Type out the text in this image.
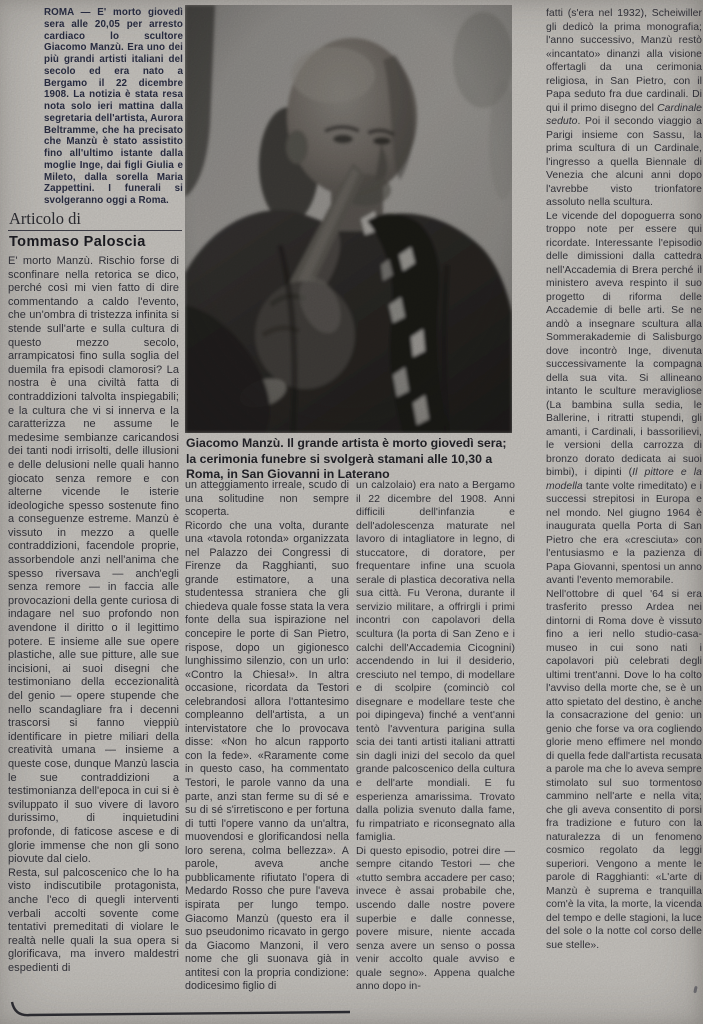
ROMA — E' morto giovedì sera alle 20,05 per arresto cardiaco lo scultore Giacomo Manzù. Era uno dei più grandi artisti italiani del secolo ed era nato a Bergamo il 22 dicembre 1908. La notizia è stata resa nota solo ieri mattina dalla segretaria dell'artista, Aurora Beltramme, che ha precisato che Manzù è stato assistito fino all'ultimo istante dalla moglie Inge, dai figli Giulia e Mileto, dalla sorella Maria Zappettini. I funerali si svolgeranno oggi a Roma.

Articolo di
Tommaso Paloscia

E' morto Manzù. Rischio forse di sconfinare nella retorica se dico, perché così mi vien fatto di dire commentando a caldo l'evento, che un'ombra di tristezza infinita si stende sull'arte e sulla cultura di questo mezzo secolo, arrampicatosi fino sulla soglia del duemila fra episodi clamorosi? La nostra è una civiltà fatta di contraddizioni talvolta inspiegabili; e la cultura che vi si innerva e la caratterizza ne assume le medesime sembianze caricandosi dei tanti nodi irrisolti, delle illusioni e delle delusioni nelle quali hanno giocato senza remore e con alterne vicende le isterie ideologiche spesso sostenute fino a conseguenze estreme. Manzù è vissuto in mezzo a quelle contraddizioni, facendole proprie, assorbendole anzi nell'anima che spesso riversava — anch'egli senza remore — in faccia alle provocazioni della gente curiosa di indagare nel suo profondo non avendone il diritto o il legittimo potere. E insieme alle sue opere plastiche, alle sue pitture, alle sue incisioni, ai suoi disegni che testimoniano della eccezionalità del genio — opere stupende che nello scandagliare fra i decenni trascorsi si fanno vieppiù identificare in pietre miliari della creatività umana — insieme a queste cose, dunque Manzù lascia le sue contraddizioni a testimonianza dell'epoca in cui si è sviluppato il suo vivere di lavoro durissimo, di inquietudini profonde, di faticose ascese e di glorie immense che non gli sono piovute dal cielo.

Resta, sul palcoscenico che lo ha visto indiscutibile protagonista, anche l'eco di quegli interventi verbali accolti sovente come tentativi premeditati di violare le realtà nelle quali la sua opera si glorificava, ma invero maldestri espedienti di

Giacomo Manzù. Il grande artista è morto giovedì sera; la cerimonia funebre si svolgerà stamani alle 10,30 a Roma, in San Giovanni in Laterano

un atteggiamento irreale, scudo di una solitudine non sempre scoperta.

Ricordo che una volta, durante una «tavola rotonda» organizzata nel Palazzo dei Congressi di Firenze da Ragghianti, suo grande estimatore, a una studentessa straniera che gli chiedeva quale fosse stata la vera fonte della sua ispirazione nel concepire le porte di San Pietro, rispose, dopo un gigionesco lunghissimo silenzio, con un urlo: «Contro la Chiesa!». In altra occasione, ricordata da Testori celebrandosi allora l'ottantesimo compleanno dell'artista, a un intervistatore che lo provocava disse: «Non ho alcun rapporto con la fede». «Raramente come in questo caso, ha commentato Testori, le parole vanno da una parte, anzi stan ferme su di sé e su di sé s'irretiscono e per fortuna di tutti l'opere vanno da un'altra, muovendosi e glorificandosi nella loro serena, colma bellezza». A parole, aveva anche pubblicamente rifiutato l'opera di Medardo Rosso che pure l'aveva ispirata per lungo tempo. Giacomo Manzù (questo era il suo pseudonimo ricavato in gergo da Giacomo Manzoni, il vero nome che gli suonava già in antitesi con la propria condizione: dodicesimo figlio di

un calzolaio) era nato a Bergamo il 22 dicembre del 1908. Anni difficili dell'infanzia e dell'adolescenza maturate nel lavoro di intagliatore in legno, di stuccatore, di doratore, per frequentare infine una scuola serale di plastica decorativa nella sua città. Fu Verona, durante il servizio militare, a offrirgli i primi incontri con capolavori della scultura (la porta di San Zeno e i calchi dell'Accademia Cicognini) accendendo in lui il desiderio, cresciuto nel tempo, di modellare e di scolpire (cominciò col disegnare e modellare teste che poi dipingeva) finché a vent'anni tentò l'avventura parigina sulla scia dei tanti artisti italiani attratti sin dagli inizi del secolo da quel grande palcoscenico della cultura e dell'arte mondiali. E fu esperienza amarissima. Trovato dalla polizia svenuto dalla fame, fu rimpatriato e riconsegnato alla famiglia.

Di questo episodio, potrei dire — sempre citando Testori — che «tutto sembra accadere per caso; invece è assai probabile che, uscendo dalle nostre povere superbie e dalle connesse, povere misure, niente accada senza avere un senso o possa venir accolto quale avviso e quale segno». Appena qualche anno dopo in-

fatti (s'era nel 1932), Scheiwiller gli dedicò la prima monografia; l'anno successivo, Manzù restò «incantato» dinanzi alla visione offertagli da una cerimonia religiosa, in San Pietro, con il Papa seduto fra due cardinali. Di qui il primo disegno del Cardinale seduto. Poi il secondo viaggio a Parigi insieme con Sassu, la prima scultura di un Cardinale, l'ingresso a quella Biennale di Venezia che alcuni anni dopo l'avrebbe visto trionfatore assoluto nella scultura.

Le vicende del dopoguerra sono troppo note per essere qui ricordate. Interessante l'episodio delle dimissioni dalla cattedra nell'Accademia di Brera perché il ministero aveva respinto il suo progetto di riforma delle Accademie di belle arti. Se ne andò a insegnare scultura alla Sommerakademie di Salisburgo dove incontrò Inge, divenuta successivamente la compagna della sua vita. Si allineano intanto le sculture meravigliose (La bambina sulla sedia, le Ballerine, i ritratti stupendi, gli amanti, i Cardinali, i bassorilievi, le versioni della carrozza di bronzo dorato dedicata ai suoi bimbi), i dipinti (Il pittore e la modella tante volte rimeditato) e i successi strepitosi in Europa e nel mondo. Nel giugno 1964 è inaugurata quella Porta di San Pietro che era «cresciuta» con l'entusiasmo e la pazienza di Papa Giovanni, spentosi un anno avanti l'evento memorabile.

Nell'ottobre di quel '64 si era trasferito presso Ardea nei dintorni di Roma dove è vissuto fino a ieri nello studio-casa-museo in cui sono nati i capolavori più celebrati degli ultimi trent'anni. Dove lo ha colto l'avviso della morte che, se è un atto spietato del destino, è anche la consacrazione del genio: un genio che forse va ora cogliendo glorie meno effimere nel mondo di quella fede dall'artista recusata a parole ma che lo aveva sempre stimolato sul suo tormentoso cammino nell'arte e nella vita; che gli aveva consentito di porsi fra tradizione e futuro con la naturalezza di un fenomeno cosmico regolato da leggi superiori. Vengono a mente le parole di Ragghianti: «L'arte di Manzù è suprema e tranquilla com'è la vita, la morte, la vicenda del tempo e delle stagioni, la luce del sole o la notte col corso delle sue stelle».
